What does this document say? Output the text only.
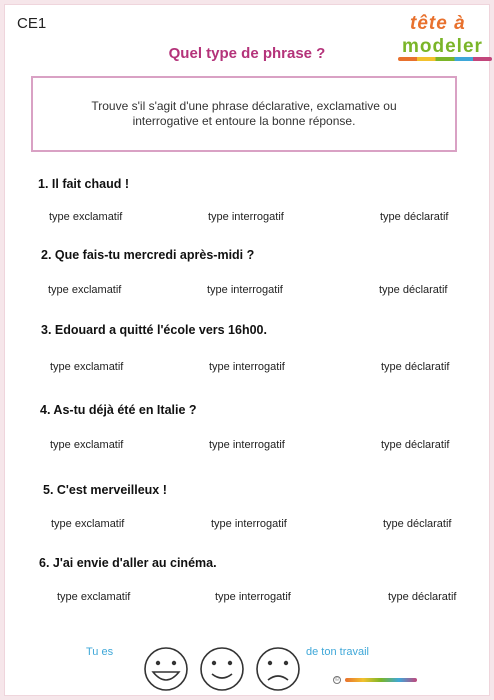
CE1	tête à
modeler
Quel type de phrase ?
Trouve s'il s'agit d'une phrase déclarative, exclamative ou interrogative et entoure la bonne réponse.
1. Il fait chaud !
type exclamatif	type interrogatif	type déclaratif
2. Que fais-tu mercredi après-midi ?
type exclamatif	type interrogatif	type déclaratif
3. Edouard a quitté l'école vers 16h00.
type exclamatif	type interrogatif	type déclaratif
4. As-tu déjà été en Italie ?
type exclamatif	type interrogatif	type déclaratif
5. C'est merveilleux !
type exclamatif	type interrogatif	type déclaratif
6. J'ai envie d'aller au cinéma.
type exclamatif	type interrogatif	type déclaratif
Tu es	de ton travail
©
